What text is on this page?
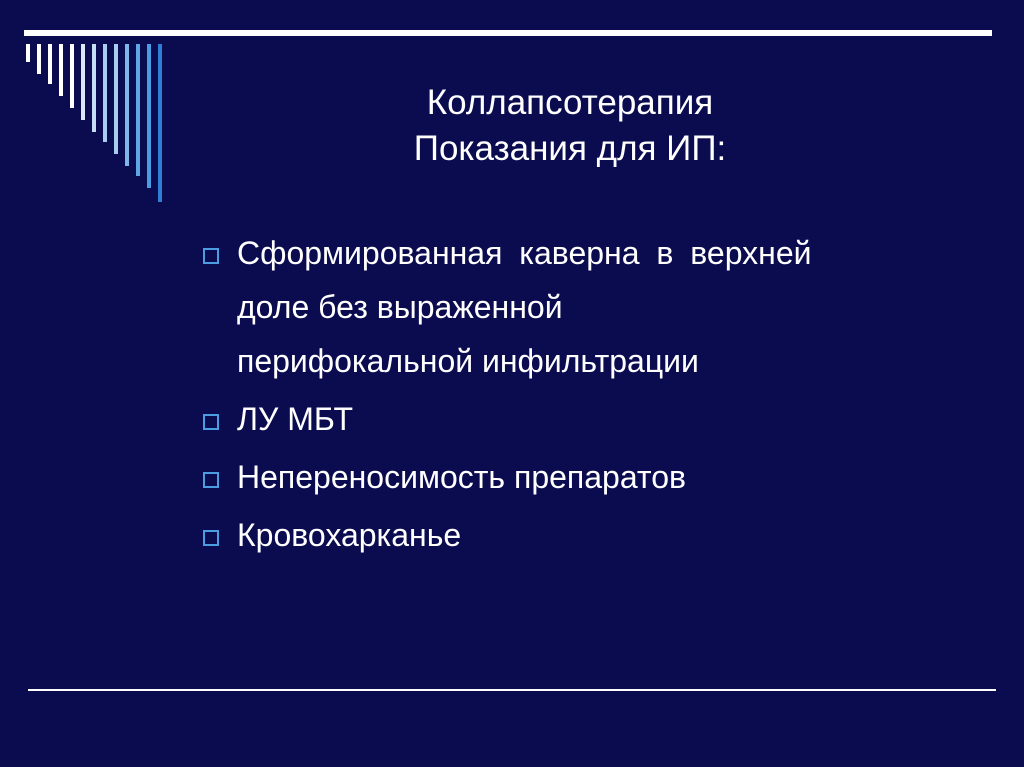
Коллапсотерапия
Показания для ИП:
Сформированная каверна в верхней
доле без выраженной
перифокальной инфильтрации
ЛУ МБТ
Непереносимость препаратов
Кровохарканье
